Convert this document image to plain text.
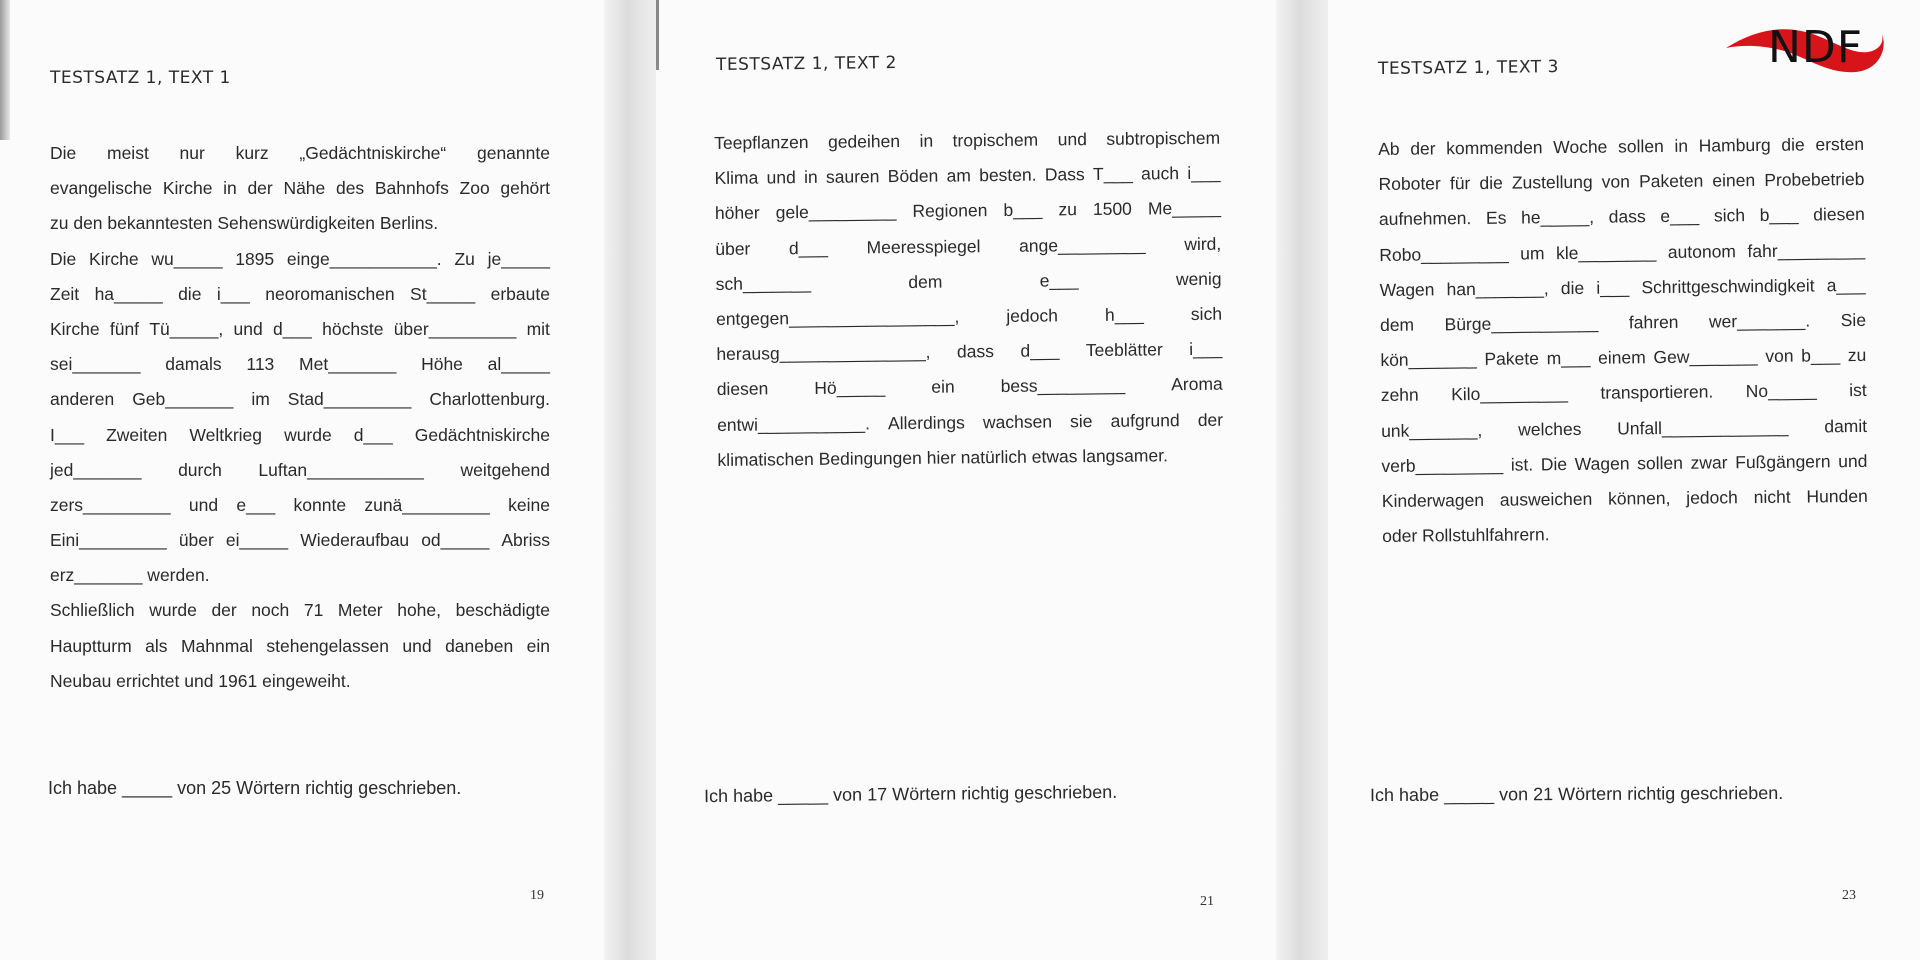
TESTSATZ 1, TEXT 1
Die meist nur kurz „Gedächtniskirche“ genannte
evangelische Kirche in der Nähe des Bahnhofs Zoo gehört
zu den bekanntesten Sehenswürdigkeiten Berlins.
Die Kirche wu_____ 1895 einge___________. Zu je_____
Zeit ha_____ die i___ neoromanischen St_____ erbaute
Kirche fünf Tü_____, und d___ höchste über_________ mit
sei_______ damals 113 Met_______ Höhe al_____
anderen Geb_______ im Stad_________ Charlottenburg.
I___ Zweiten Weltkrieg wurde d___ Gedächtniskirche
jed_______ durch Luftan____________ weitgehend
zers_________ und e___ konnte zunä_________ keine
Eini_________ über ei_____ Wiederaufbau od_____ Abriss
erz_______ werden.
Schließlich wurde der noch 71 Meter hohe, beschädigte
Hauptturm als Mahnmal stehengelassen und daneben ein
Neubau errichtet und 1961 eingeweiht.
Ich habe _____ von 25 Wörtern richtig geschrieben.
19
TESTSATZ 1, TEXT 2
Teepflanzen gedeihen in tropischem und subtropischem
Klima und in sauren Böden am besten. Dass T___ auch i___
höher gele_________ Regionen b___ zu 1500 Me_____
über d___ Meeresspiegel ange_________ wird,
sch_______	dem	e___	wenig
entgegen_________________,	jedoch	h___	sich
herausg_______________, dass d___ Teeblätter i___
diesen	Hö_____	ein	bess_________	Aroma
entwi___________. Allerdings wachsen sie aufgrund der
klimatischen Bedingungen hier natürlich etwas langsamer.
Ich habe _____ von 17 Wörtern richtig geschrieben.
21
NDF
TESTSATZ 1, TEXT 3
Ab der kommenden Woche sollen in Hamburg die ersten
Roboter für die Zustellung von Paketen einen Probebetrieb
aufnehmen. Es he_____, dass e___ sich b___ diesen
Robo_________ um kle________ autonom fahr_________
Wagen han_______, die i___ Schrittgeschwindigkeit a___
dem Bürge___________ fahren wer_______. Sie
kön_______ Pakete m___ einem Gew_______ von b___ zu
zehn Kilo_________ transportieren. No_____ ist
unk_______, welches Unfall_____________ damit
verb_________ ist. Die Wagen sollen zwar Fußgängern und
Kinderwagen ausweichen können, jedoch nicht Hunden
oder Rollstuhlfahrern.
Ich habe _____ von 21 Wörtern richtig geschrieben.
23
